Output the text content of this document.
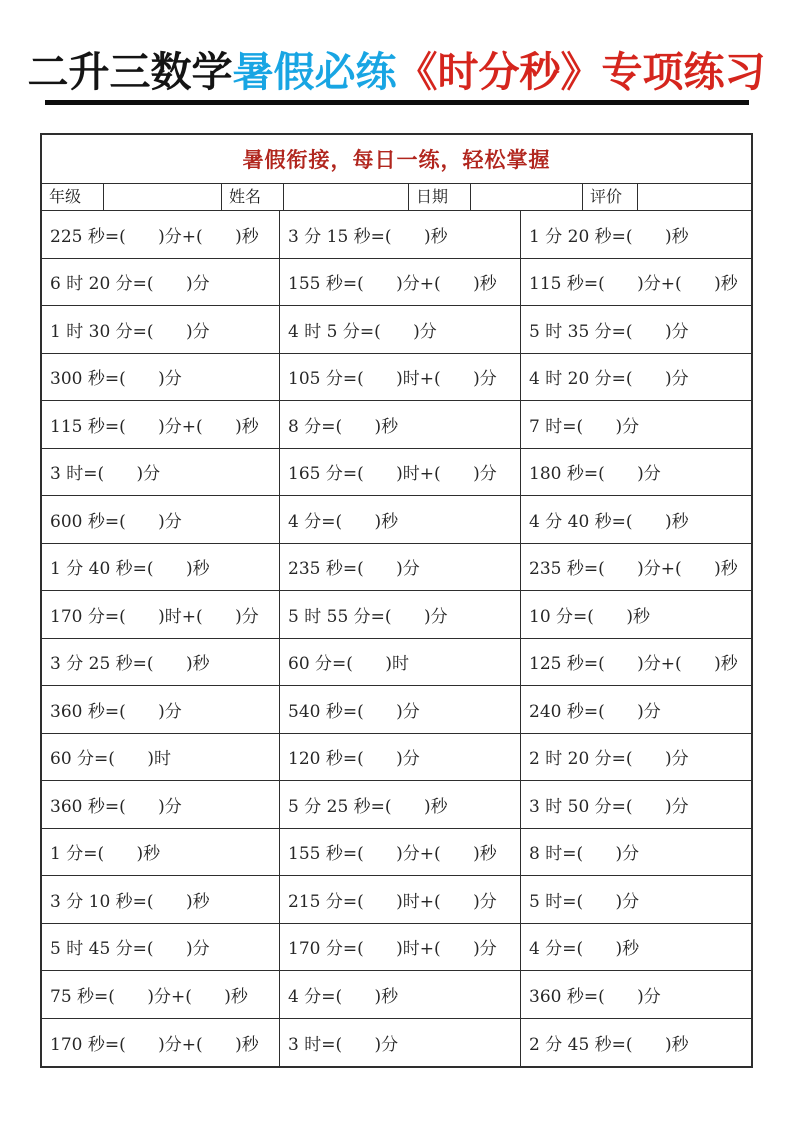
二升三数学暑假必练《时分秒》专项练习
暑假衔接，每日一练，轻松掌握
年级	姓名	日期	评价
225 秒=(      )分+(      )秒	3 分 15 秒=(      )秒	1 分 20 秒=(      )秒
6 时 20 分=(      )分	155 秒=(      )分+(      )秒	115 秒=(      )分+(      )秒
1 时 30 分=(      )分	4 时 5 分=(      )分	5 时 35 分=(      )分
300 秒=(      )分	105 分=(      )时+(      )分	4 时 20 分=(      )分
115 秒=(      )分+(      )秒	8 分=(      )秒	7 时=(      )分
3 时=(      )分	165 分=(      )时+(      )分	180 秒=(      )分
600 秒=(      )分	4 分=(      )秒	4 分 40 秒=(      )秒
1 分 40 秒=(      )秒	235 秒=(      )分	235 秒=(      )分+(      )秒
170 分=(      )时+(      )分	5 时 55 分=(      )分	10 分=(      )秒
3 分 25 秒=(      )秒	60 分=(      )时	125 秒=(      )分+(      )秒
360 秒=(      )分	540 秒=(      )分	240 秒=(      )分
60 分=(      )时	120 秒=(      )分	2 时 20 分=(      )分
360 秒=(      )分	5 分 25 秒=(      )秒	3 时 50 分=(      )分
1 分=(      )秒	155 秒=(      )分+(      )秒	8 时=(      )分
3 分 10 秒=(      )秒	215 分=(      )时+(      )分	5 时=(      )分
5 时 45 分=(      )分	170 分=(      )时+(      )分	4 分=(      )秒
75 秒=(      )分+(      )秒	4 分=(      )秒	360 秒=(      )分
170 秒=(      )分+(      )秒	3 时=(      )分	2 分 45 秒=(      )秒
